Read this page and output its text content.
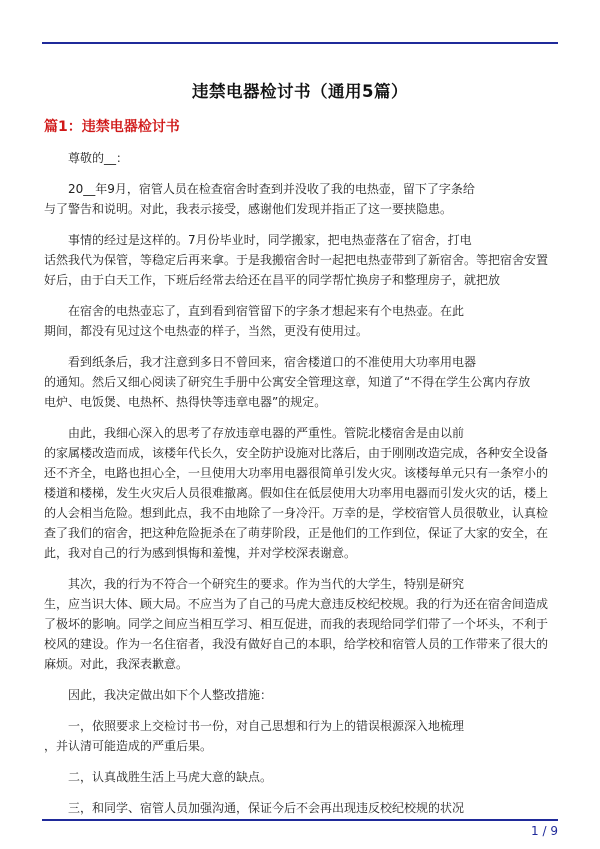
违禁电器检讨书（通用5篇）
篇1：违禁电器检讨书
尊敬的__：
20__年9月，宿管人员在检查宿舍时查到并没收了我的电热壶，留下了字条给
与了警告和说明。对此，我表示接受，感谢他们发现并指正了这一要挟隐患。
事情的经过是这样的。7月份毕业时，同学搬家，把电热壶落在了宿舍，打电
话然我代为保管，等稳定后再来拿。于是我搬宿舍时一起把电热壶带到了新宿舍。等把宿舍安置
好后，由于白天工作，下班后经常去给还在昌平的同学帮忙换房子和整理房子，就把放
在宿舍的电热壶忘了，直到看到宿管留下的字条才想起来有个电热壶。在此
期间，都没有见过这个电热壶的样子，当然，更没有使用过。
看到纸条后，我才注意到多日不曾回来，宿舍楼道口的不准使用大功率用电器
的通知。然后又细心阅读了研究生手册中公寓安全管理这章，知道了“不得在学生公寓内存放
电炉、电饭煲、电热杯、热得快等违章电器”的规定。
由此，我细心深入的思考了存放违章电器的严重性。管院北楼宿舍是由以前
的家属楼改造而成，该楼年代长久，安全防护设施对比落后，由于刚刚改造完成，各种安全设备
还不齐全，电路也担心全，一旦使用大功率用电器很简单引发火灾。该楼每单元只有一条窄小的
楼道和楼梯，发生火灾后人员很难撤离。假如住在低层使用大功率用电器而引发火灾的话，楼上
的人会相当危险。想到此点，我不由地除了一身冷汗。万幸的是，学校宿管人员很敬业，认真检
查了我们的宿舍，把这种危险扼杀在了萌芽阶段，正是他们的工作到位，保证了大家的安全，在
此，我对自己的行为感到惧悔和羞愧，并对学校深表谢意。
其次，我的行为不符合一个研究生的要求。作为当代的大学生，特别是研究
生，应当识大体、顾大局。不应当为了自己的马虎大意违反校纪校规。我的行为还在宿舍间造成
了极坏的影响。同学之间应当相互学习、相互促进，而我的表现给同学们带了一个坏头，不利于
校风的建设。作为一名住宿者，我没有做好自己的本职，给学校和宿管人员的工作带来了很大的
麻烦。对此，我深表歉意。
因此，我决定做出如下个人整改措施：
一，依照要求上交检讨书一份，对自己思想和行为上的错误根源深入地梳理
，并认清可能造成的严重后果。
二，认真战胜生活上马虎大意的缺点。
三，和同学、宿管人员加强沟通，保证今后不会再出现违反校纪校规的状况
1 / 9
